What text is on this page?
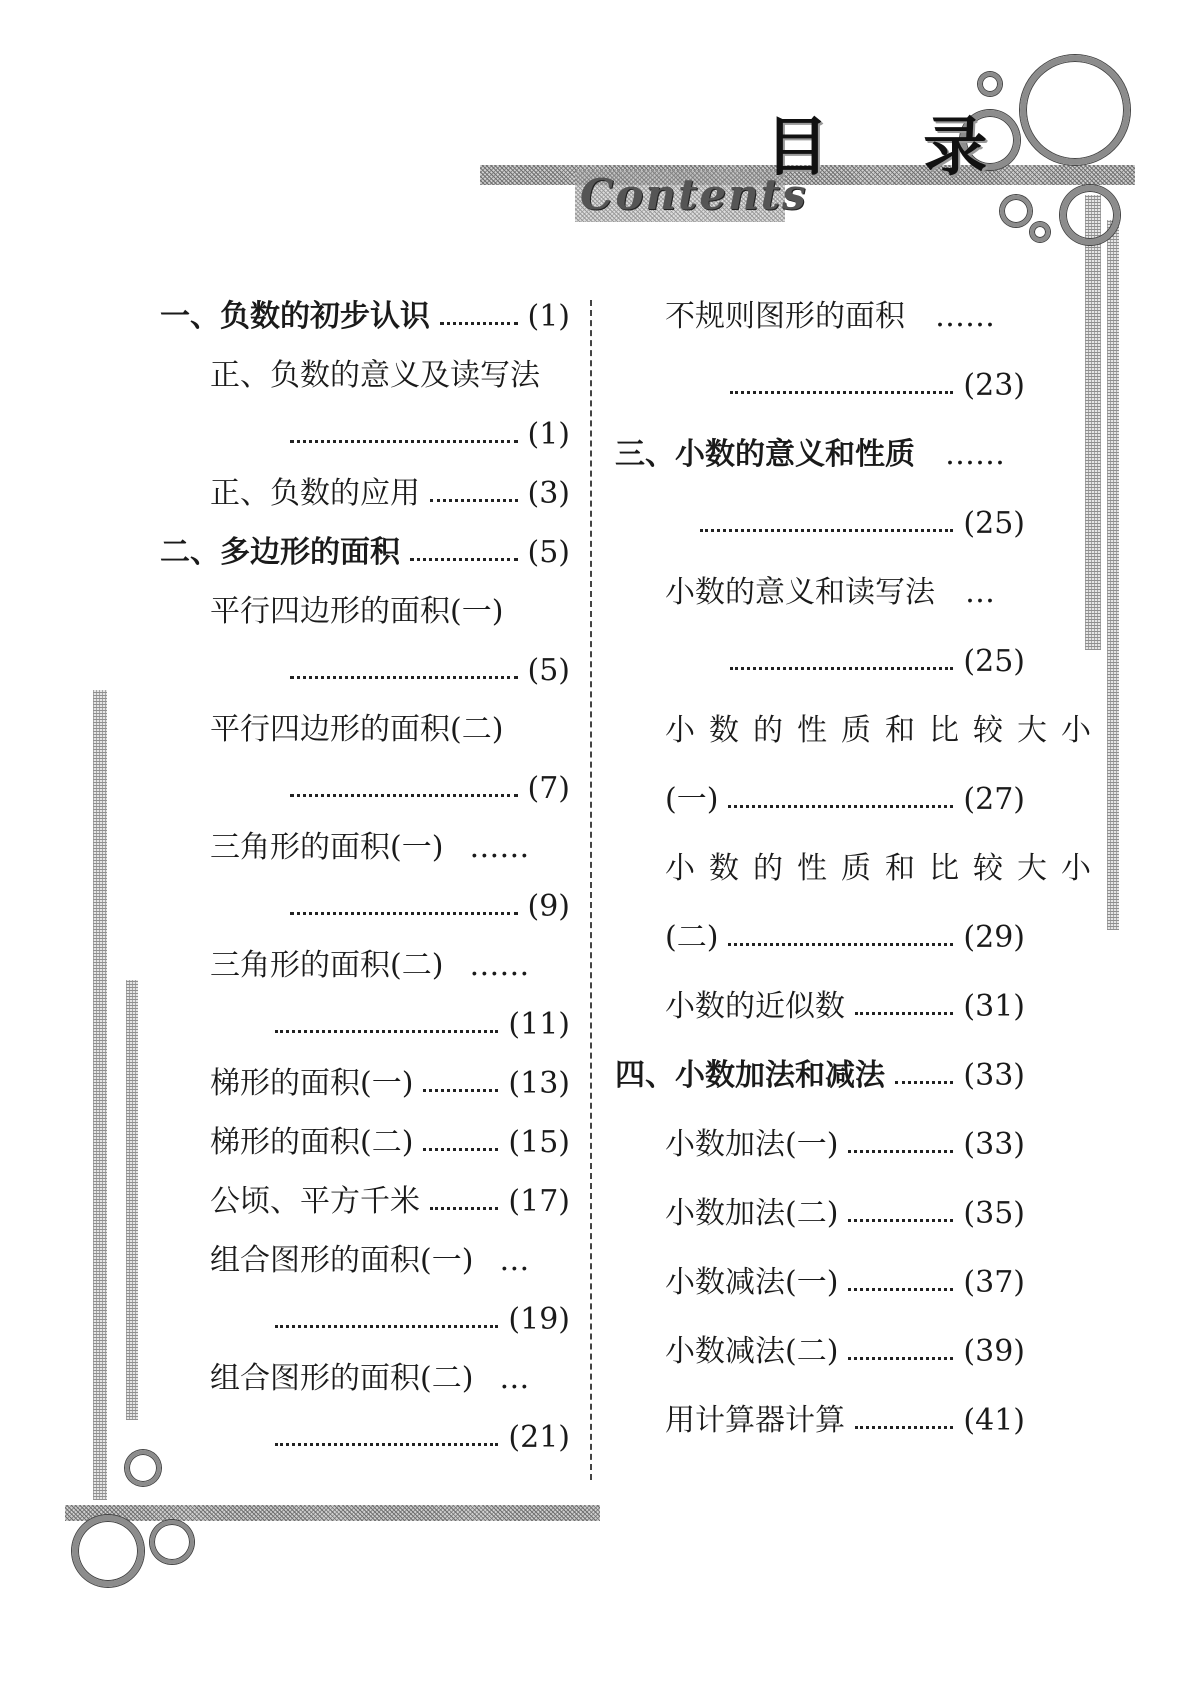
目 录
Contents
一、负数的初步认识	(1)
正、负数的意义及读写法
(1)
正、负数的应用	(3)
二、多边形的面积	(5)
平行四边形的面积(一)
(5)
平行四边形的面积(二)
(7)
三角形的面积(一) ……
(9)
三角形的面积(二) ……
(11)
梯形的面积(一)	(13)
梯形的面积(二)	(15)
公顷、平方千米	(17)
组合图形的面积(一) …
(19)
组合图形的面积(二) …
(21)
不规则图形的面积 ……
(23)
三、小数的意义和性质 ……
(25)
小数的意义和读写法 …
(25)
小数的性质和比较大小
(一)	(27)
小数的性质和比较大小
(二)	(29)
小数的近似数	(31)
四、小数加法和减法	(33)
小数加法(一)	(33)
小数加法(二)	(35)
小数减法(一)	(37)
小数减法(二)	(39)
用计算器计算	(41)
